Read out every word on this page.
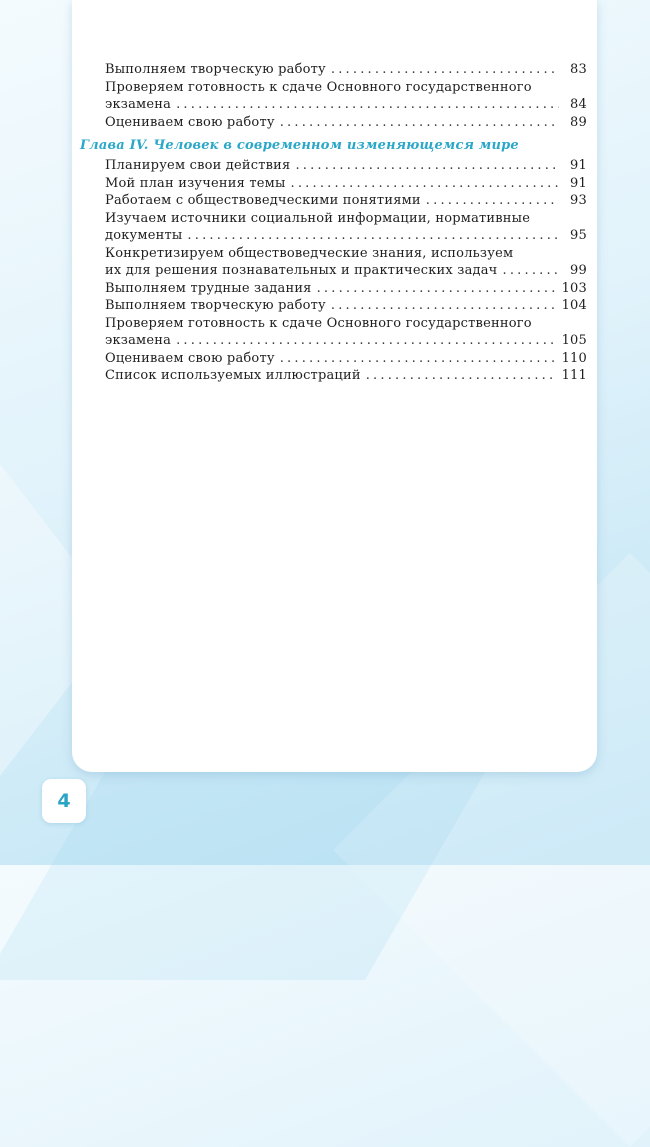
Выполняем творческую работу .....	83
Проверяем готовность к сдаче Основного государственного
экзамена .....	84
Оцениваем свою работу .....	89
Глава IV. Человек в современном изменяющемся мире
Планируем свои действия .....	91
Мой план изучения темы .....	91
Работаем с обществоведческими понятиями .....	93
Изучаем источники социальной информации, нормативные
документы .....	95
Конкретизируем обществоведческие знания, используем
их для решения познавательных и практических задач .....	99
Выполняем трудные задания .....	103
Выполняем творческую работу .....	104
Проверяем готовность к сдаче Основного государственного
экзамена .....	105
Оцениваем свою работу .....	110
Список используемых иллюстраций .....	111
4
